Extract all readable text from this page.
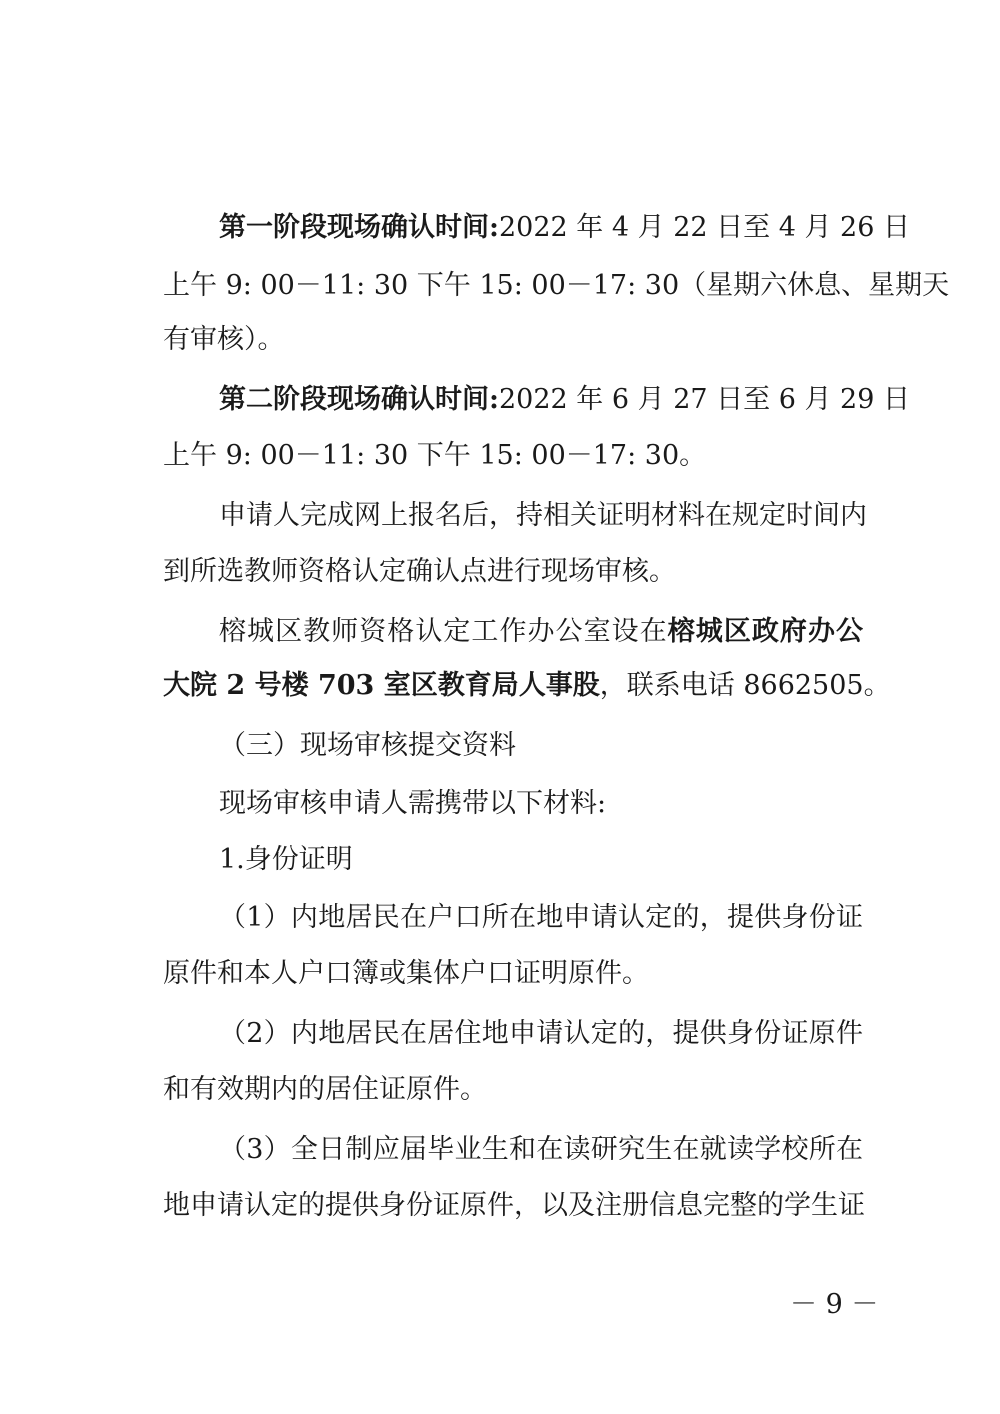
第一阶段现场确认时间:2022 年 4 月 22 日至 4 月 26 日
上午 9: 00－11: 30 下午 15: 00－17: 30（星期六休息、星期天
有审核）。
第二阶段现场确认时间:2022 年 6 月 27 日至 6 月 29 日
上午 9: 00－11: 30 下午 15: 00－17: 30。
申请人完成网上报名后，持相关证明材料在规定时间内
到所选教师资格认定确认点进行现场审核。
榕城区教师资格认定工作办公室设在榕城区政府办公
大院 2 号楼 703 室区教育局人事股，联系电话 8662505。
（三）现场审核提交资料
现场审核申请人需携带以下材料:
1.身份证明
（1）内地居民在户口所在地申请认定的，提供身份证
原件和本人户口簿或集体户口证明原件。
（2）内地居民在居住地申请认定的，提供身份证原件
和有效期内的居住证原件。
（3）全日制应届毕业生和在读研究生在就读学校所在
地申请认定的提供身份证原件，以及注册信息完整的学生证
－ 9 －
